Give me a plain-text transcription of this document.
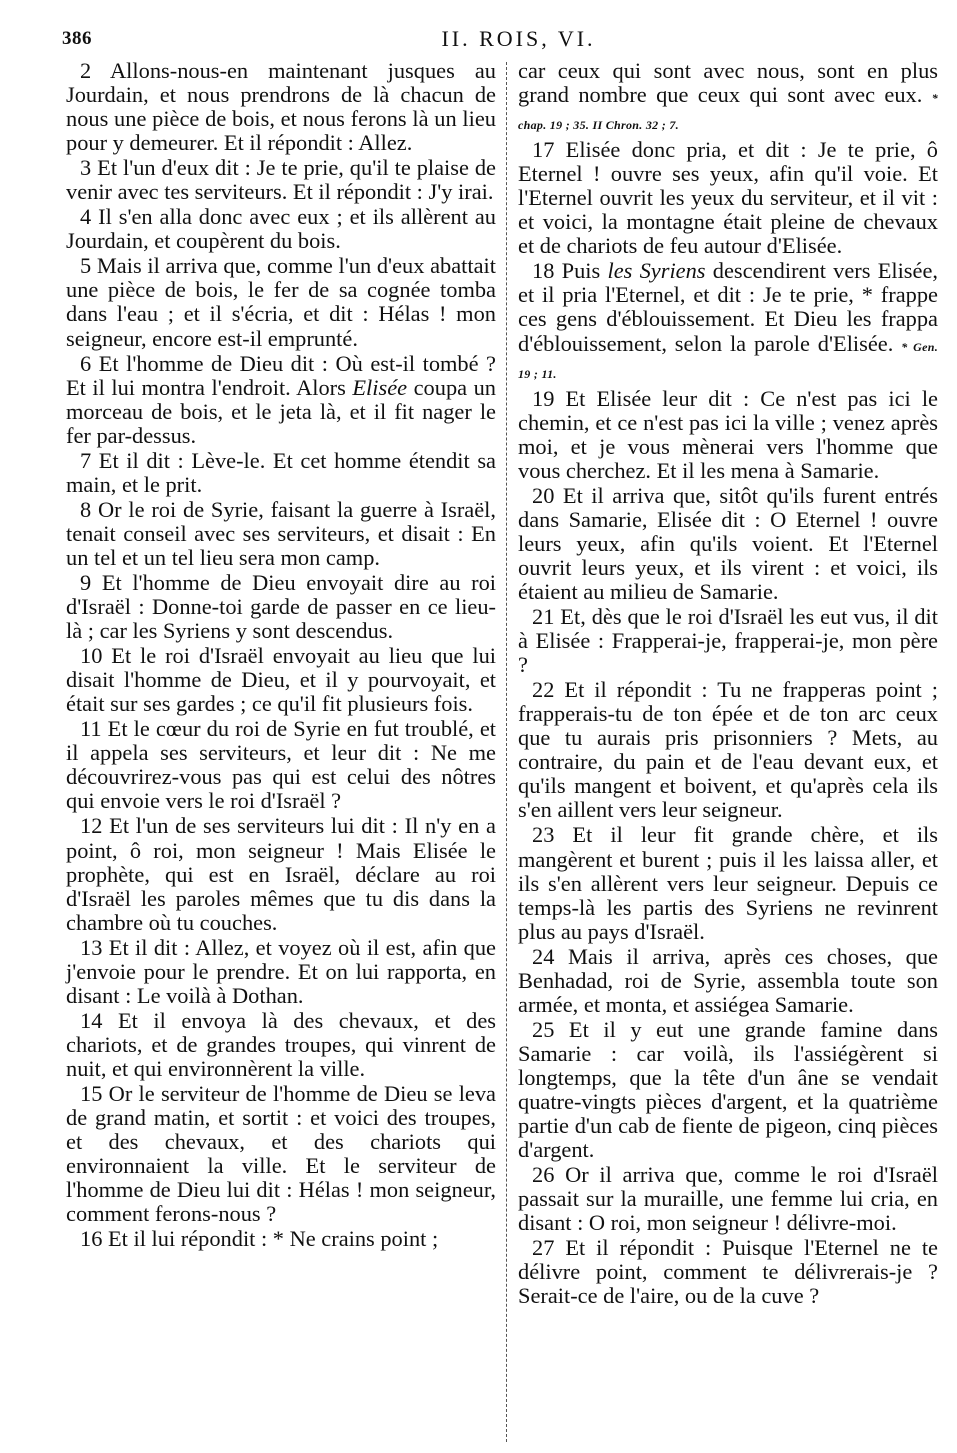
386	II. ROIS, VI.

2 Allons-nous-en maintenant jusques au Jourdain, et nous prendrons de là chacun de nous une pièce de bois, et nous ferons là un lieu pour y demeurer. Et il répondit : Allez.

3 Et l'un d'eux dit : Je te prie, qu'il te plaise de venir avec tes serviteurs. Et il répondit : J'y irai.

4 Il s'en alla donc avec eux ; et ils allèrent au Jourdain, et coupèrent du bois.

5 Mais il arriva que, comme l'un d'eux abattait une pièce de bois, le fer de sa cognée tomba dans l'eau ; et il s'écria, et dit : Hélas ! mon seigneur, encore est-il emprunté.

6 Et l'homme de Dieu dit : Où est-il tombé ? Et il lui montra l'endroit. Alors Elisée coupa un morceau de bois, et le jeta là, et il fit nager le fer par-dessus.

7 Et il dit : Lève-le. Et cet homme étendit sa main, et le prit.

8 Or le roi de Syrie, faisant la guerre à Israël, tenait conseil avec ses serviteurs, et disait : En un tel et un tel lieu sera mon camp.

9 Et l'homme de Dieu envoyait dire au roi d'Israël : Donne-toi garde de passer en ce lieu-là ; car les Syriens y sont descendus.

10 Et le roi d'Israël envoyait au lieu que lui disait l'homme de Dieu, et il y pourvoyait, et était sur ses gardes ; ce qu'il fit plusieurs fois.

11 Et le cœur du roi de Syrie en fut troublé, et il appela ses serviteurs, et leur dit : Ne me découvrirez-vous pas qui est celui des nôtres qui envoie vers le roi d'Israël ?

12 Et l'un de ses serviteurs lui dit : Il n'y en a point, ô roi, mon seigneur ! Mais Elisée le prophète, qui est en Israël, déclare au roi d'Israël les paroles mêmes que tu dis dans la chambre où tu couches.

13 Et il dit : Allez, et voyez où il est, afin que j'envoie pour le prendre. Et on lui rapporta, en disant : Le voilà à Dothan.

14 Et il envoya là des chevaux, et des chariots, et de grandes troupes, qui vinrent de nuit, et qui environnèrent la ville.

15 Or le serviteur de l'homme de Dieu se leva de grand matin, et sortit : et voici des troupes, et des chevaux, et des chariots qui environnaient la ville. Et le serviteur de l'homme de Dieu lui dit : Hélas ! mon seigneur, comment ferons-nous ?

16 Et il lui répondit : * Ne crains point ;

car ceux qui sont avec nous, sont en plus grand nombre que ceux qui sont avec eux. * chap. 19 ; 35. II Chron. 32 ; 7.

17 Elisée donc pria, et dit : Je te prie, ô Eternel ! ouvre ses yeux, afin qu'il voie. Et l'Eternel ouvrit les yeux du serviteur, et il vit : et voici, la montagne était pleine de chevaux et de chariots de feu autour d'Elisée.

18 Puis les Syriens descendirent vers Elisée, et il pria l'Eternel, et dit : Je te prie, * frappe ces gens d'éblouissement. Et Dieu les frappa d'éblouissement, selon la parole d'Elisée. * Gen. 19 ; 11.

19 Et Elisée leur dit : Ce n'est pas ici le chemin, et ce n'est pas ici la ville ; venez après moi, et je vous mènerai vers l'homme que vous cherchez. Et il les mena à Samarie.

20 Et il arriva que, sitôt qu'ils furent entrés dans Samarie, Elisée dit : O Eternel ! ouvre leurs yeux, afin qu'ils voient. Et l'Eternel ouvrit leurs yeux, et ils virent : et voici, ils étaient au milieu de Samarie.

21 Et, dès que le roi d'Israël les eut vus, il dit à Elisée : Frapperai-je, frapperai-je, mon père ?

22 Et il répondit : Tu ne frapperas point ; frapperais-tu de ton épée et de ton arc ceux que tu aurais pris prisonniers ? Mets, au contraire, du pain et de l'eau devant eux, et qu'ils mangent et boivent, et qu'après cela ils s'en aillent vers leur seigneur.

23 Et il leur fit grande chère, et ils mangèrent et burent ; puis il les laissa aller, et ils s'en allèrent vers leur seigneur. Depuis ce temps-là les partis des Syriens ne revinrent plus au pays d'Israël.

24 Mais il arriva, après ces choses, que Benhadad, roi de Syrie, assembla toute son armée, et monta, et assiégea Samarie.

25 Et il y eut une grande famine dans Samarie : car voilà, ils l'assiégèrent si longtemps, que la tête d'un âne se vendait quatre-vingts pièces d'argent, et la quatrième partie d'un cab de fiente de pigeon, cinq pièces d'argent.

26 Or il arriva que, comme le roi d'Israël passait sur la muraille, une femme lui cria, en disant : O roi, mon seigneur ! délivre-moi.

27 Et il répondit : Puisque l'Eternel ne te délivre point, comment te délivrerais-je ? Serait-ce de l'aire, ou de la cuve ?
